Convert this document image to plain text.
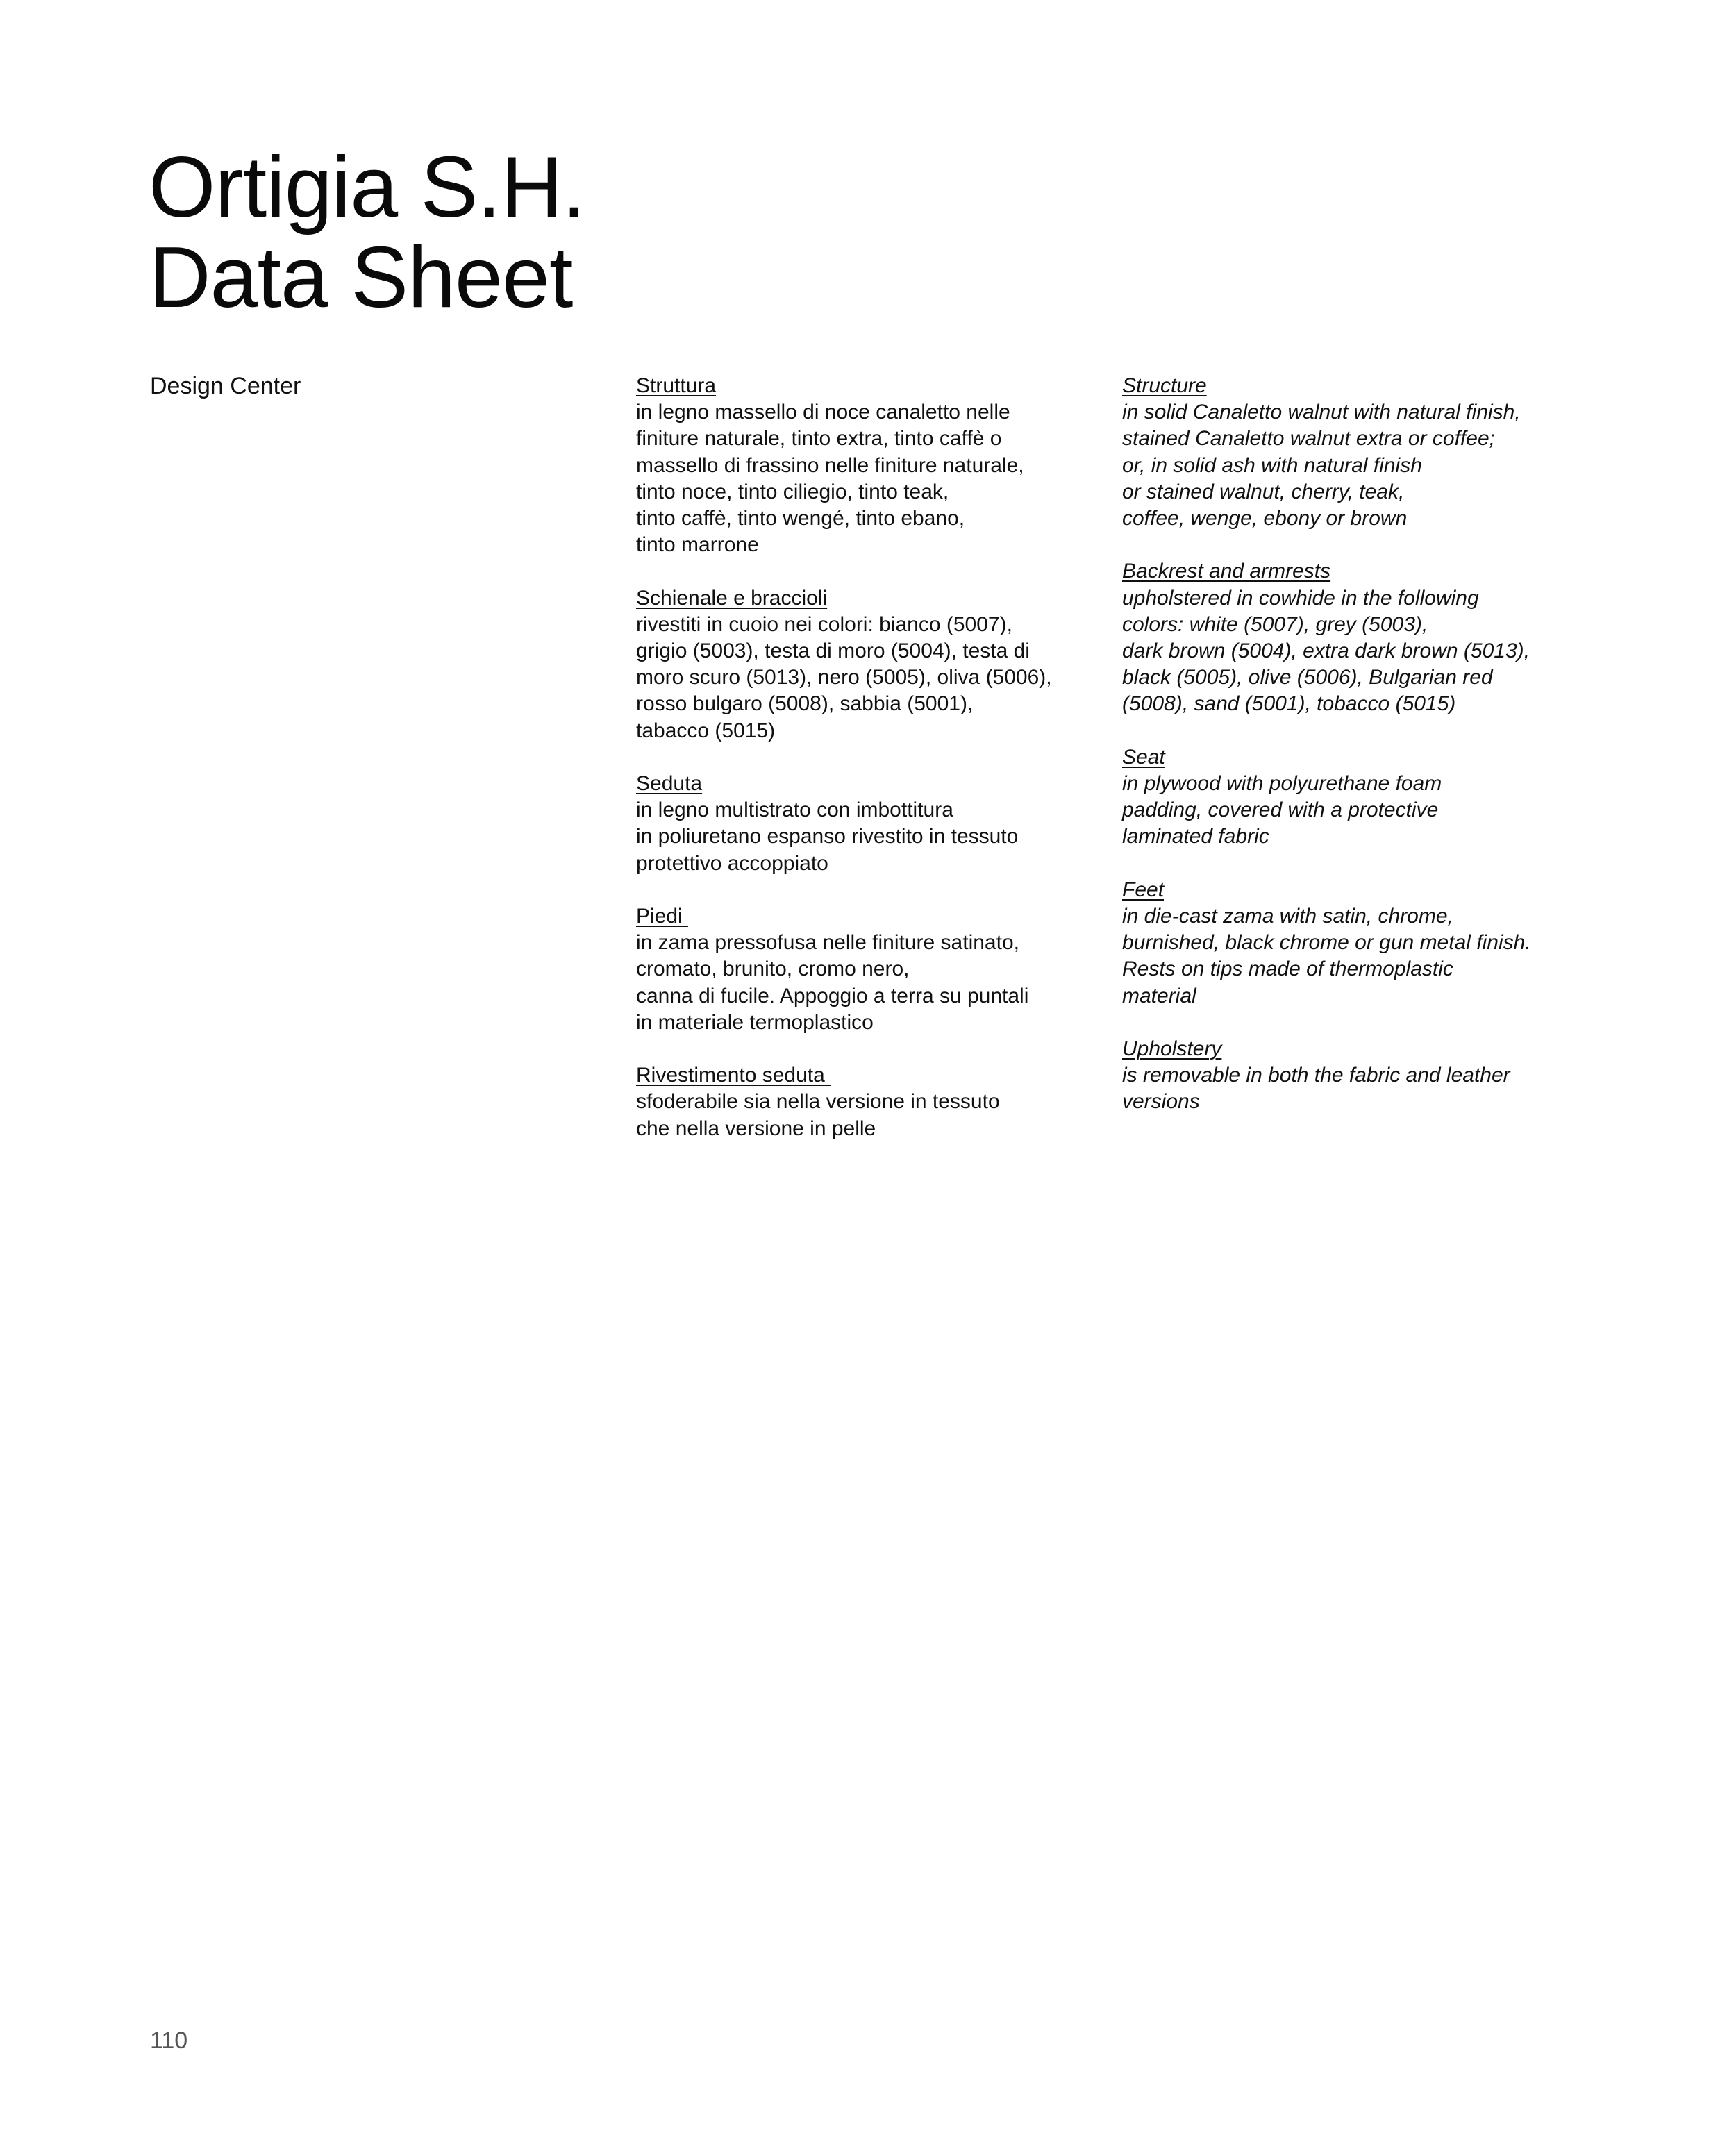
Ortigia S.H.
Data Sheet
Design Center	Struttura
in legno massello di noce canaletto nelle
finiture naturale, tinto extra, tinto caffè o
massello di frassino nelle finiture naturale,
tinto noce, tinto ciliegio, tinto teak,
tinto caffè, tinto wengé, tinto ebano,
tinto marrone
Schienale e braccioli
rivestiti in cuoio nei colori: bianco (5007),
grigio (5003), testa di moro (5004), testa di
moro scuro (5013), nero (5005), oliva (5006),
rosso bulgaro (5008), sabbia (5001),
tabacco (5015)
Seduta
in legno multistrato con imbottitura
in poliuretano espanso rivestito in tessuto
protettivo accoppiato
Piedi
in zama pressofusa nelle finiture satinato,
cromato, brunito, cromo nero,
canna di fucile. Appoggio a terra su puntali
in materiale termoplastico
Rivestimento seduta
sfoderabile sia nella versione in tessuto
che nella versione in pelle
Structure
in solid Canaletto walnut with natural finish,
stained Canaletto walnut extra or coffee;
or, in solid ash with natural finish
or stained walnut, cherry, teak,
coffee, wenge, ebony or brown
Backrest and armrests
upholstered in cowhide in the following
colors: white (5007), grey (5003),
dark brown (5004), extra dark brown (5013),
black (5005), olive (5006), Bulgarian red
(5008), sand (5001), tobacco (5015)
Seat
in plywood with polyurethane foam
padding, covered with a protective
laminated fabric
Feet
in die-cast zama with satin, chrome,
burnished, black chrome or gun metal finish.
Rests on tips made of thermoplastic
material
Upholstery
is removable in both the fabric and leather
versions
110
